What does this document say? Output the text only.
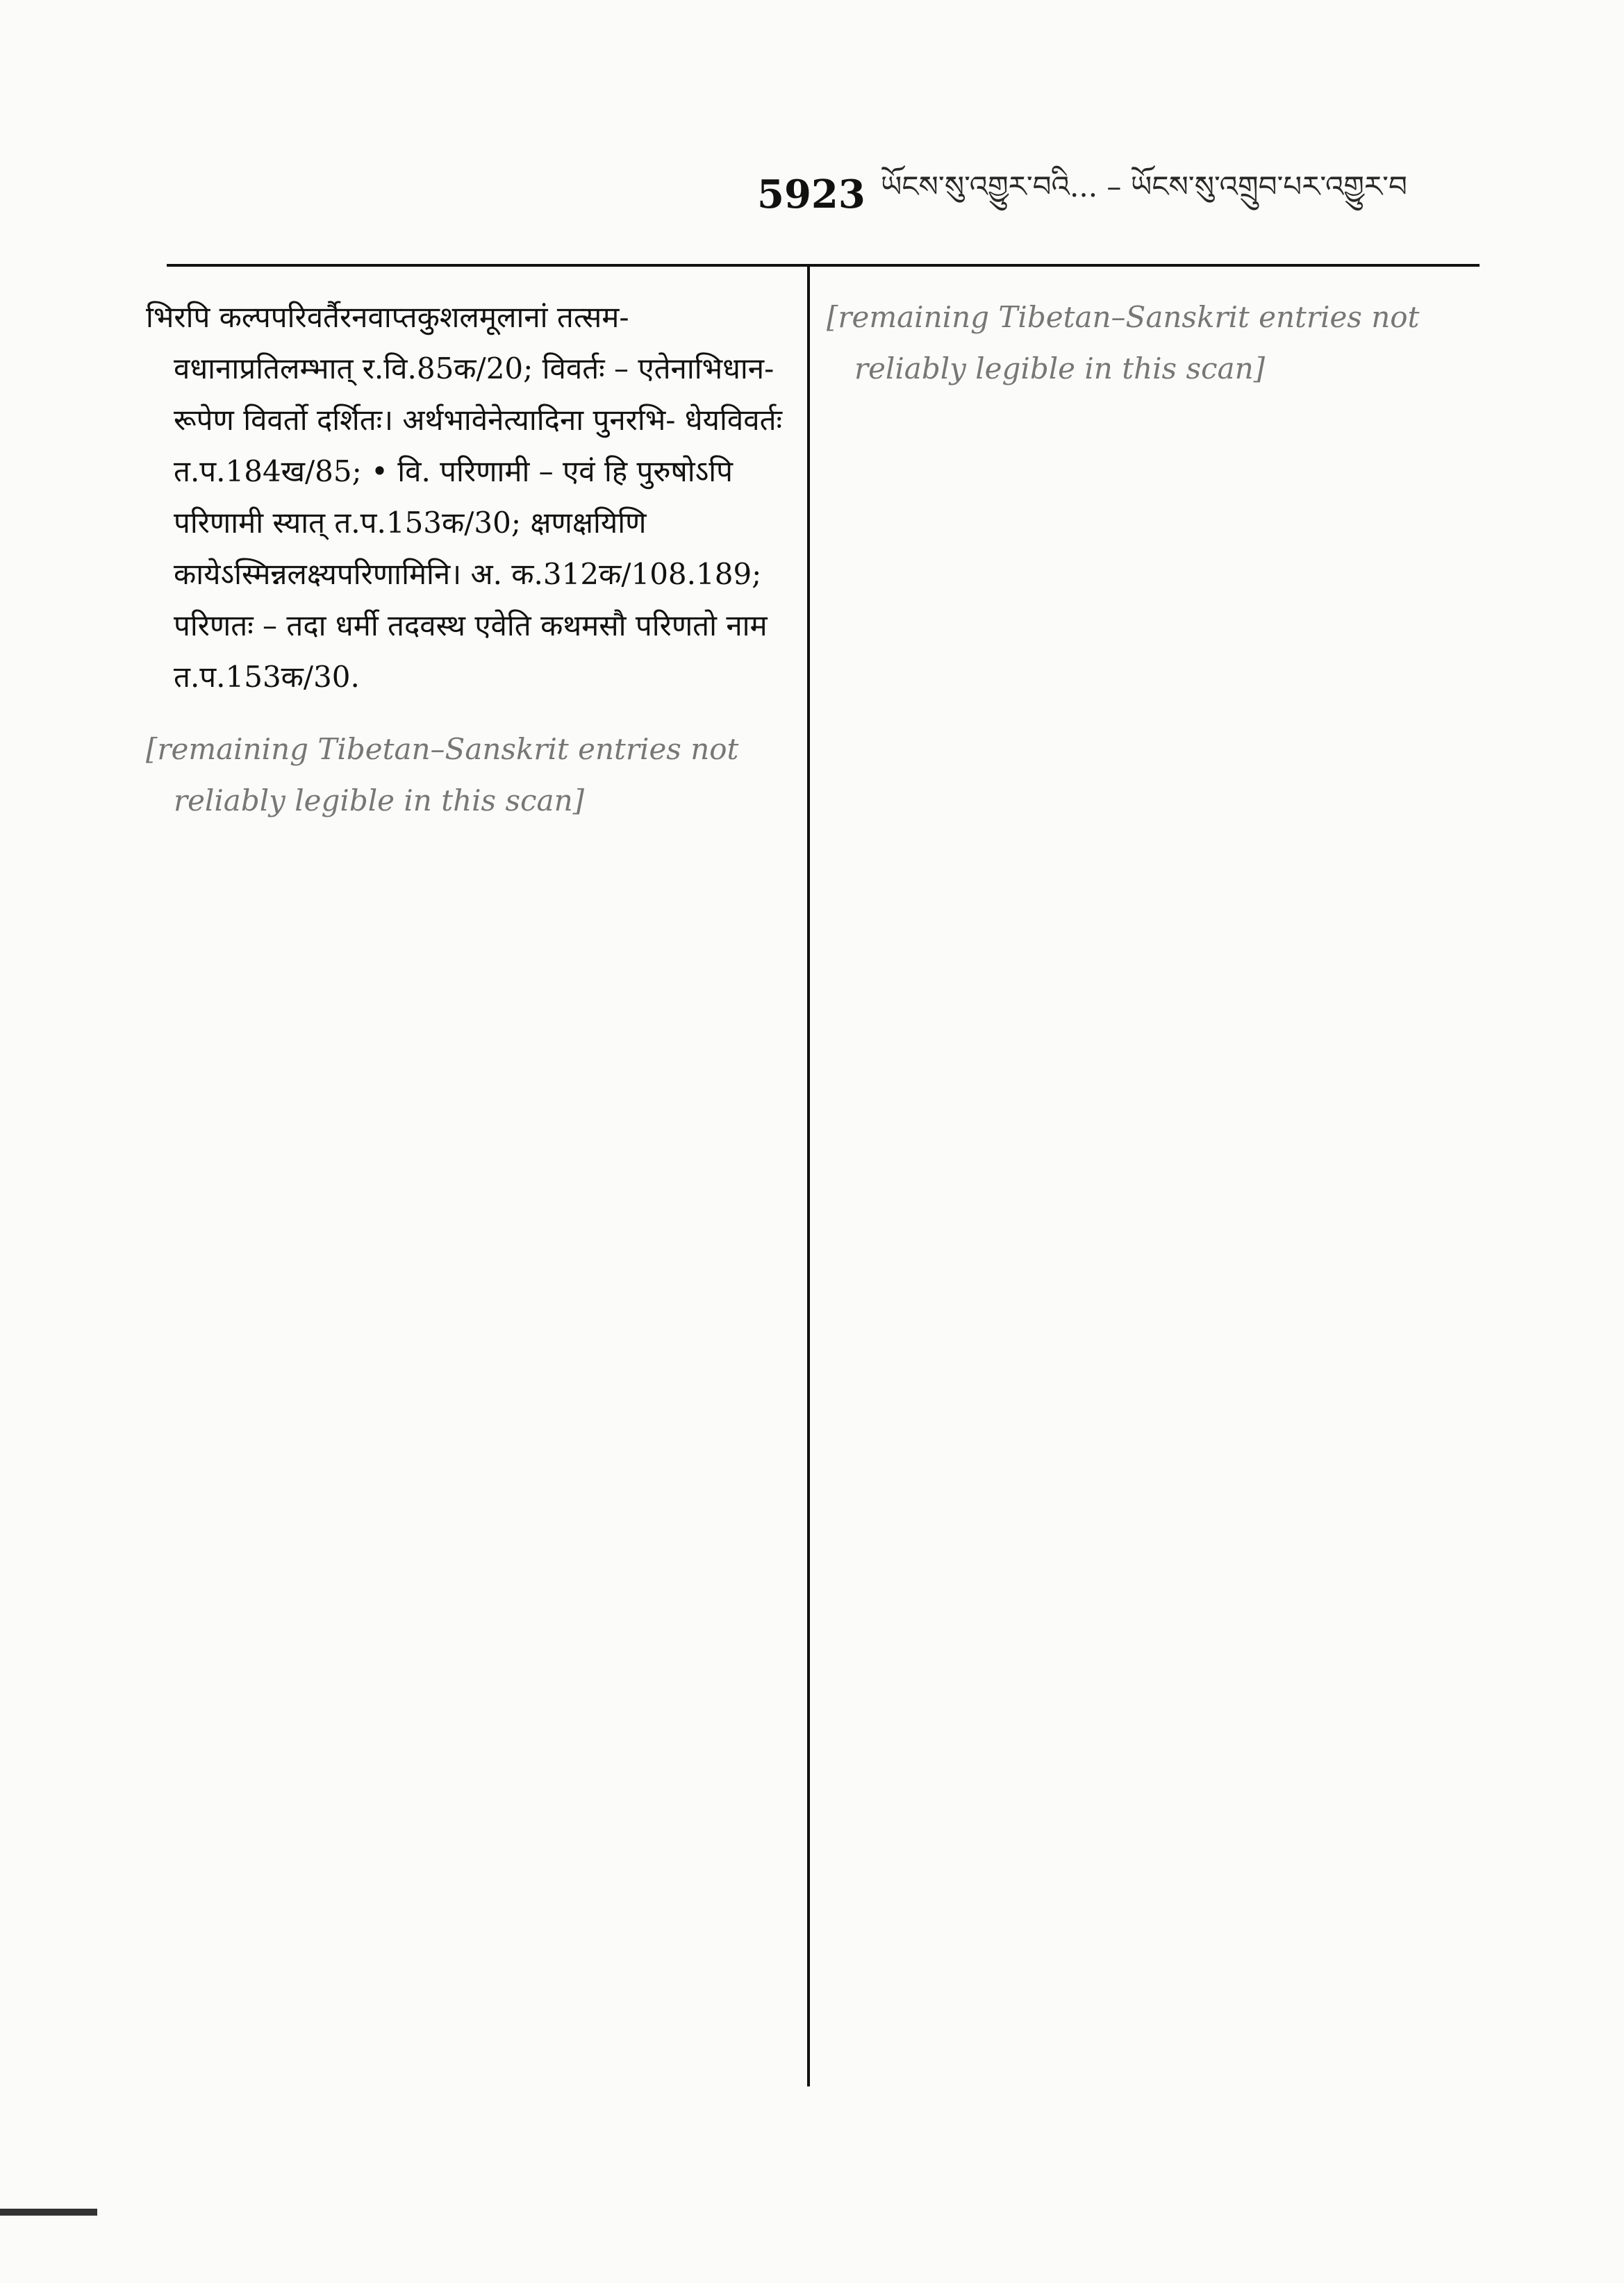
5923 ཡོངས་སུ་འགྱུར་བའི... – ཡོངས་སུ་འགྲུབ་པར་འགྱུར་བ

भिरपि कल्पपरिवर्तैरनवाप्तकुशलमूलानां तत्सम- वधानाप्रतिलम्भात् र.वि.85क/20; विवर्तः – एतेनाभिधान- रूपेण विवर्तो दर्शितः। अर्थभावेनेत्यादिना पुनरभि- धेयविवर्तः त.प.184ख/85; • वि. परिणामी – एवं हि पुरुषोऽपि परिणामी स्यात् त.प.153क/30; क्षणक्षयिणि कायेऽस्मिन्नलक्ष्यपरिणामिनि। अ. क.312क/108.189; परिणतः – तदा धर्मी तदवस्थ एवेति कथमसौ परिणतो नाम त.प.153क/30.

[remaining Tibetan–Sanskrit entries not reliably legible in this scan]

[remaining Tibetan–Sanskrit entries not reliably legible in this scan]
